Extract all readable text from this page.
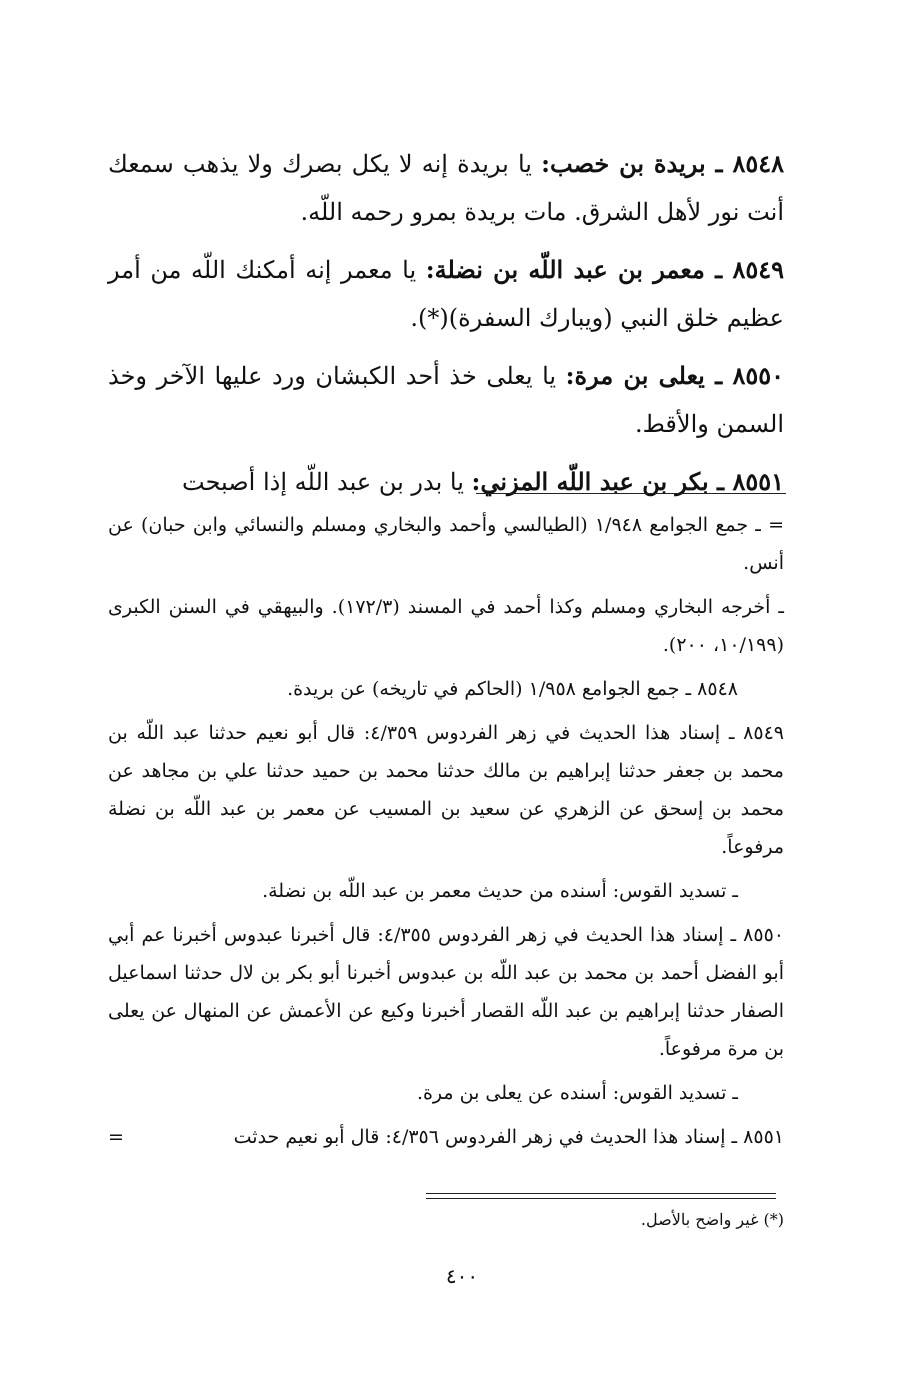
٨٥٤٨ ـ بريدة بن خصب: يا بريدة إنه لا يكل بصرك ولا يذهب سمعك أنت نور لأهل الشرق. مات بريدة بمرو رحمه اللّه.

٨٥٤٩ ـ معمر بن عبد اللّه بن نضلة: يا معمر إنه أمكنك اللّه من أمر عظيم خلق النبي (ويبارك السفرة)(*).

٨٥٥٠ ـ يعلى بن مرة: يا يعلى خذ أحد الكبشان ورد عليها الآخر وخذ السمن والأقط.

٨٥٥١ ـ بكر بن عبد اللّه المزني: يا بدر بن عبد اللّه إذا أصبحت

= ـ جمع الجوامع ١/٩٤٨ (الطيالسي وأحمد والبخاري ومسلم والنسائي وابن حبان) عن أنس.

ـ أخرجه البخاري ومسلم وكذا أحمد في المسند (١٧٢/٣). والبيهقي في السنن الكبرى (١٠/١٩٩، ٢٠٠).

٨٥٤٨ ـ جمع الجوامع ١/٩٥٨ (الحاكم في تاريخه) عن بريدة.

٨٥٤٩ ـ إسناد هذا الحديث في زهر الفردوس ٤/٣٥٩: قال أبو نعيم حدثنا عبد اللّه بن محمد بن جعفر حدثنا إبراهيم بن مالك حدثنا محمد بن حميد حدثنا علي بن مجاهد عن محمد بن إسحق عن الزهري عن سعيد بن المسيب عن معمر بن عبد اللّه بن نضلة مرفوعاً.

ـ تسديد القوس: أسنده من حديث معمر بن عبد اللّه بن نضلة.

٨٥٥٠ ـ إسناد هذا الحديث في زهر الفردوس ٤/٣٥٥: قال أخبرنا عبدوس أخبرنا عم أبي أبو الفضل أحمد بن محمد بن عبد اللّه بن عبدوس أخبرنا أبو بكر بن لال حدثنا اسماعيل الصفار حدثنا إبراهيم بن عبد اللّه القصار أخبرنا وكيع عن الأعمش عن المنهال عن يعلى بن مرة مرفوعاً.

ـ تسديد القوس: أسنده عن يعلى بن مرة.

٨٥٥١ ـ إسناد هذا الحديث في زهر الفردوس ٤/٣٥٦: قال أبو نعيم حدثت
=

(*) غير واضح بالأصل.
٤٠٠
